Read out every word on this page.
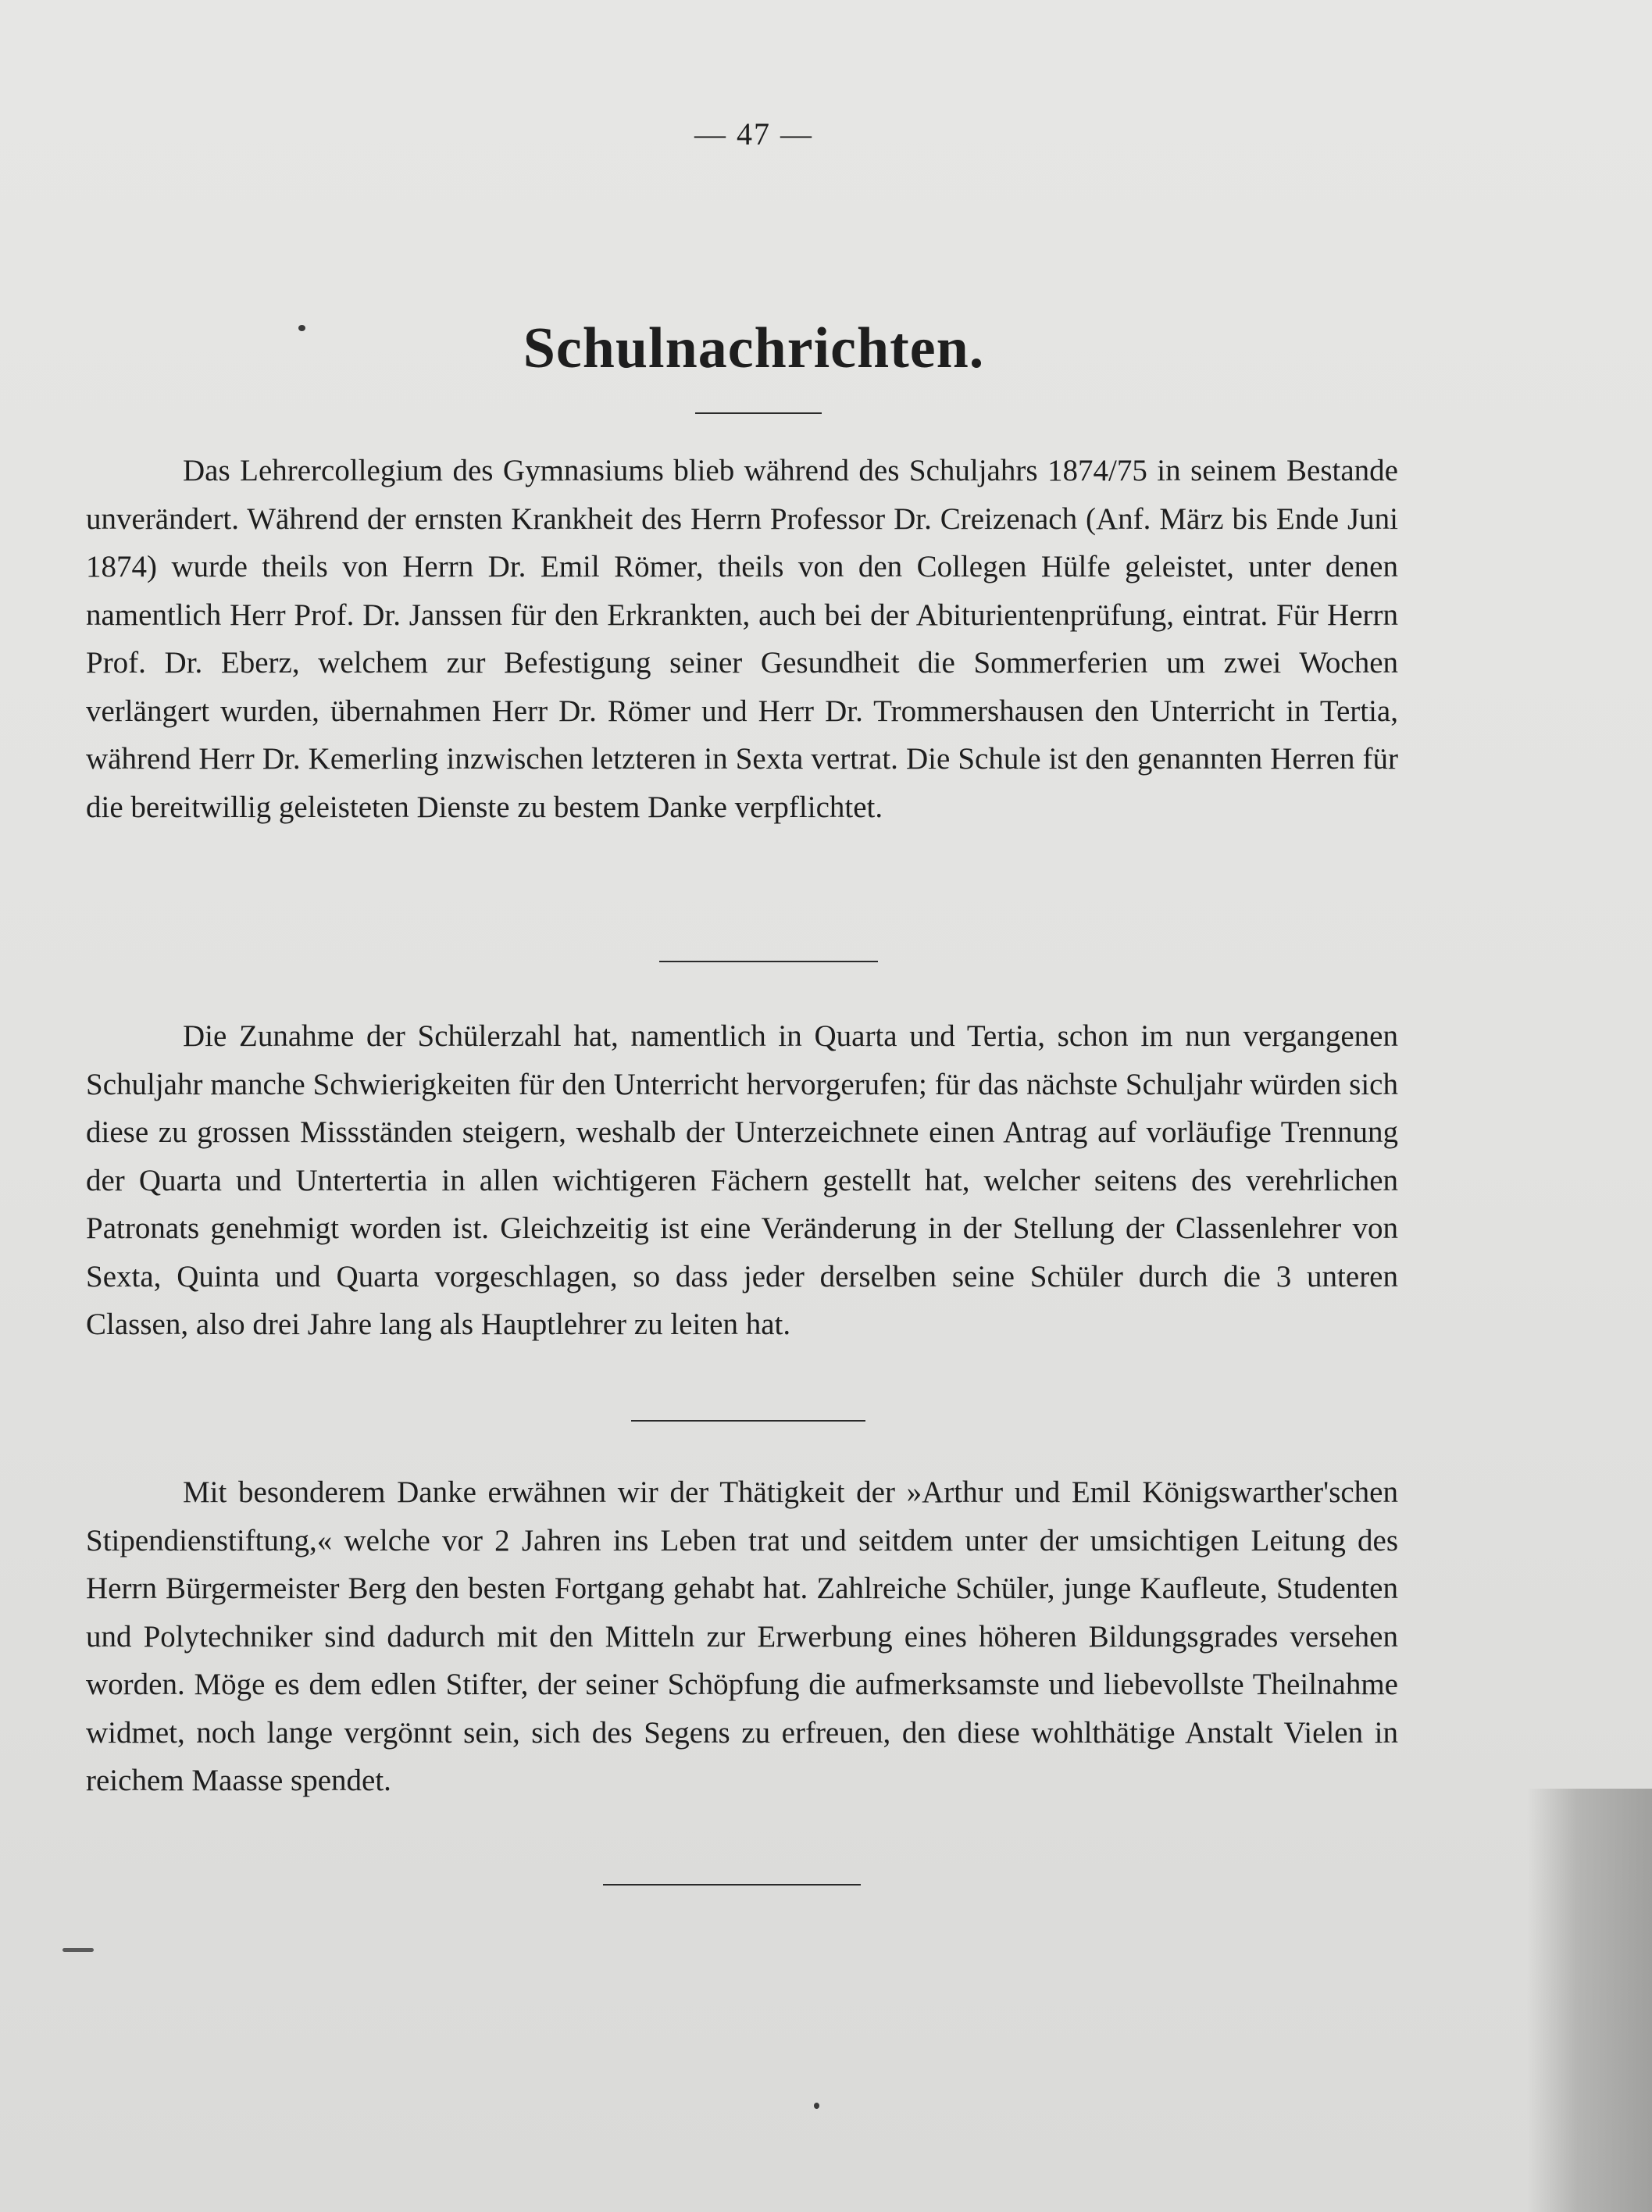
— 47 —
Schulnachrichten.

Das Lehrercollegium des Gymnasiums blieb während des Schuljahrs 1874/75 in seinem Bestande unverändert. Während der ernsten Krankheit des Herrn Professor Dr. Creizenach (Anf. März bis Ende Juni 1874) wurde theils von Herrn Dr. Emil Römer, theils von den Collegen Hülfe geleistet, unter denen namentlich Herr Prof. Dr. Janssen für den Erkrankten, auch bei der Abiturientenprüfung, eintrat. Für Herrn Prof. Dr. Eberz, welchem zur Befestigung seiner Gesundheit die Sommerferien um zwei Wochen verlängert wurden, übernahmen Herr Dr. Römer und Herr Dr. Trommershausen den Unterricht in Tertia, während Herr Dr. Kemerling inzwischen letzteren in Sexta vertrat. Die Schule ist den genannten Herren für die bereitwillig geleisteten Dienste zu bestem Danke verpflichtet.

Die Zunahme der Schülerzahl hat, namentlich in Quarta und Tertia, schon im nun vergangenen Schuljahr manche Schwierigkeiten für den Unterricht hervorgerufen; für das nächste Schuljahr würden sich diese zu grossen Missständen steigern, weshalb der Unterzeichnete einen Antrag auf vorläufige Trennung der Quarta und Untertertia in allen wichtigeren Fächern gestellt hat, welcher seitens des verehrlichen Patronats genehmigt worden ist. Gleichzeitig ist eine Veränderung in der Stellung der Classenlehrer von Sexta, Quinta und Quarta vorgeschlagen, so dass jeder derselben seine Schüler durch die 3 unteren Classen, also drei Jahre lang als Hauptlehrer zu leiten hat.

Mit besonderem Danke erwähnen wir der Thätigkeit der »Arthur und Emil Königswarther'schen Stipendienstiftung,« welche vor 2 Jahren ins Leben trat und seitdem unter der umsichtigen Leitung des Herrn Bürgermeister Berg den besten Fortgang gehabt hat. Zahlreiche Schüler, junge Kaufleute, Studenten und Polytechniker sind dadurch mit den Mitteln zur Erwerbung eines höheren Bildungsgrades versehen worden. Möge es dem edlen Stifter, der seiner Schöpfung die aufmerksamste und liebevollste Theilnahme widmet, noch lange vergönnt sein, sich des Segens zu erfreuen, den diese wohlthätige Anstalt Vielen in reichem Maasse spendet.
